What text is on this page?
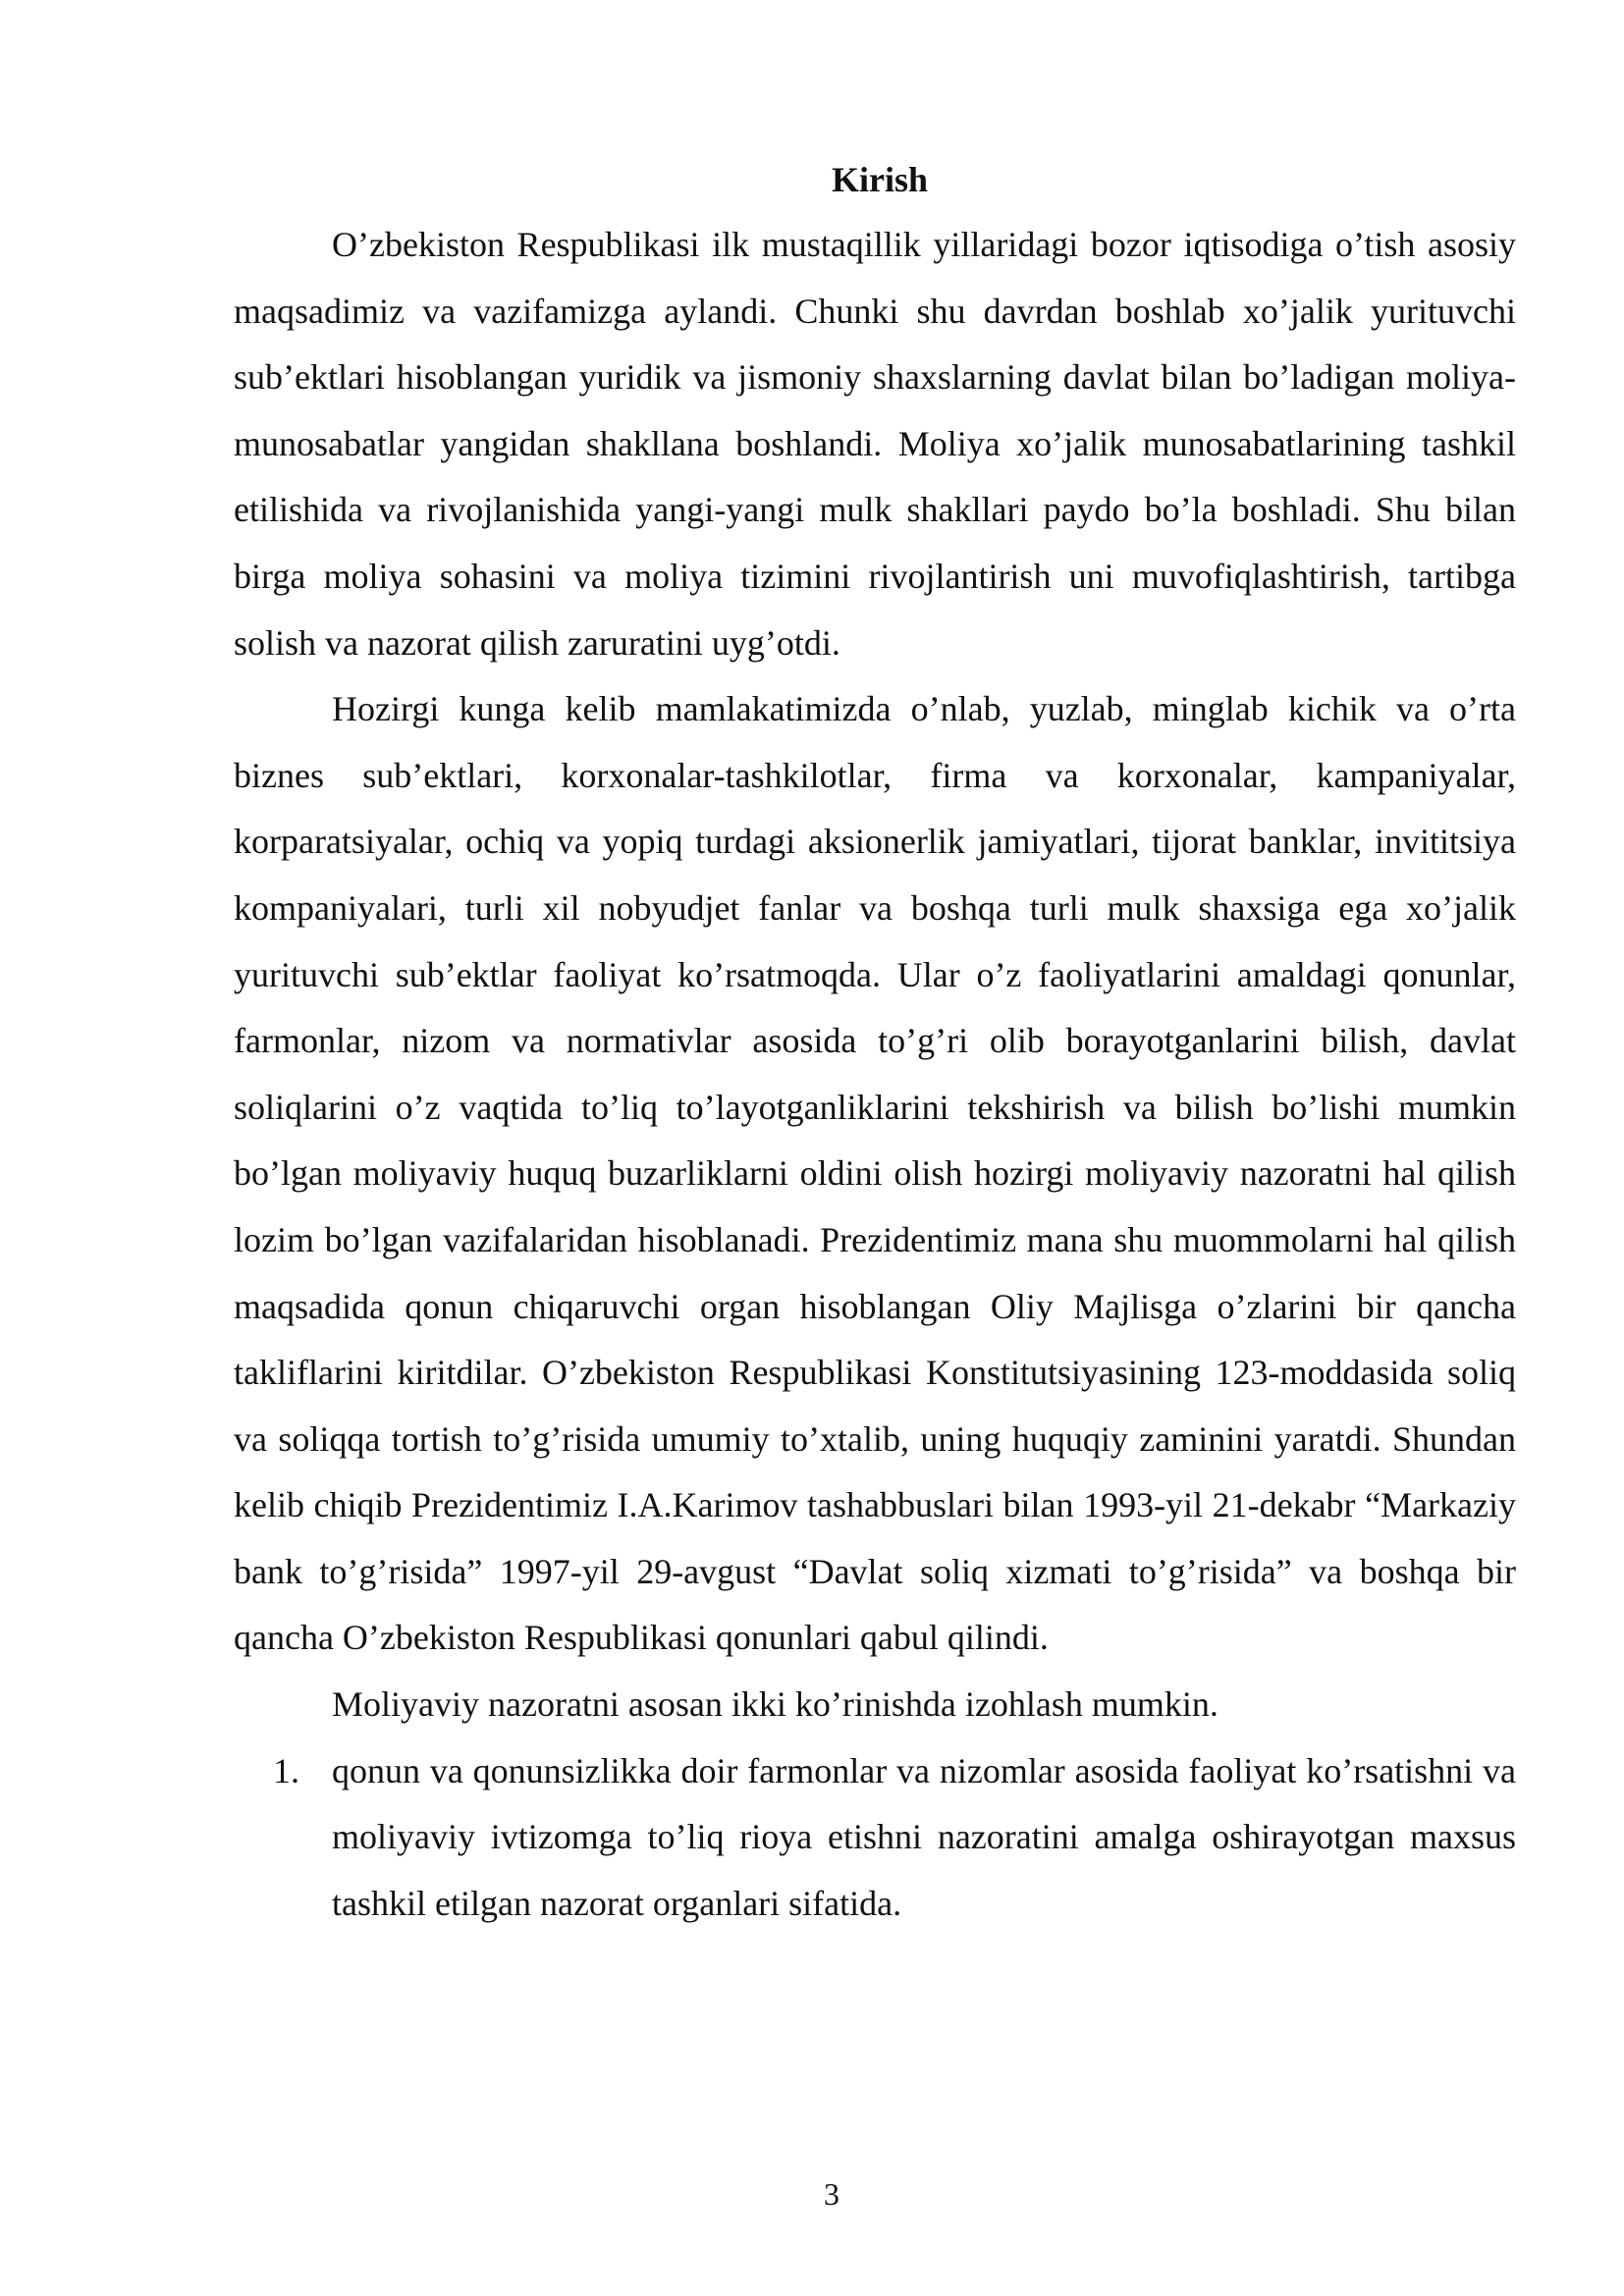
Kirish

O’zbekiston Respublikasi ilk mustaqillik yillaridagi bozor iqtisodiga o’tish asosiy maqsadimiz va vazifamizga aylandi. Chunki shu davrdan boshlab xo’jalik yurituvchi sub’ektlari hisoblangan yuridik va jismoniy shaxslarning davlat bilan bo’ladigan moliya-munosabatlar yangidan shakllana boshlandi. Moliya xo’jalik munosabatlarining tashkil etilishida va rivojlanishida yangi-yangi mulk shakllari paydo bo’la boshladi. Shu bilan birga moliya sohasini va moliya tizimini rivojlantirish uni muvofiqlashtirish, tartibga solish va nazorat qilish zaruratini uyg’otdi.

Hozirgi kunga kelib mamlakatimizda o’nlab, yuzlab, minglab kichik va o’rta biznes sub’ektlari, korxonalar-tashkilotlar, firma va korxonalar, kampaniyalar, korparatsiyalar, ochiq va yopiq turdagi aksionerlik jamiyatlari, tijorat banklar, invititsiya kompaniyalari, turli xil nobyudjet fanlar va boshqa turli mulk shaxsiga ega xo’jalik yurituvchi sub’ektlar faoliyat ko’rsatmoqda. Ular o’z faoliyatlarini amaldagi qonunlar, farmonlar, nizom va normativlar asosida to’g’ri olib borayotganlarini bilish, davlat soliqlarini o’z vaqtida to’liq to’layotganliklarini tekshirish va bilish bo’lishi mumkin bo’lgan moliyaviy huquq buzarliklarni oldini olish hozirgi moliyaviy nazoratni hal qilish lozim bo’lgan vazifalaridan hisoblanadi. Prezidentimiz mana shu muommolarni hal qilish maqsadida qonun chiqaruvchi organ hisoblangan Oliy Majlisga o’zlarini bir qancha takliflarini kiritdilar. O’zbekiston Respublikasi Konstitutsiyasining 123-moddasida soliq va soliqqa tortish to’g’risida umumiy to’xtalib, uning huquqiy zaminini yaratdi. Shundan kelib chiqib Prezidentimiz I.A.Karimov tashabbuslari bilan 1993-yil 21-dekabr “Markaziy bank to’g’risida” 1997-yil 29-avgust “Davlat soliq xizmati to’g’risida” va boshqa bir qancha O’zbekiston Respublikasi qonunlari qabul qilindi.

Moliyaviy nazoratni asosan ikki ko’rinishda izohlash mumkin.

1. qonun va qonunsizlikka doir farmonlar va nizomlar asosida faoliyat ko’rsatishni va moliyaviy ivtizomga to’liq rioya etishni nazoratini amalga oshirayotgan maxsus tashkil etilgan nazorat organlari sifatida.
3
